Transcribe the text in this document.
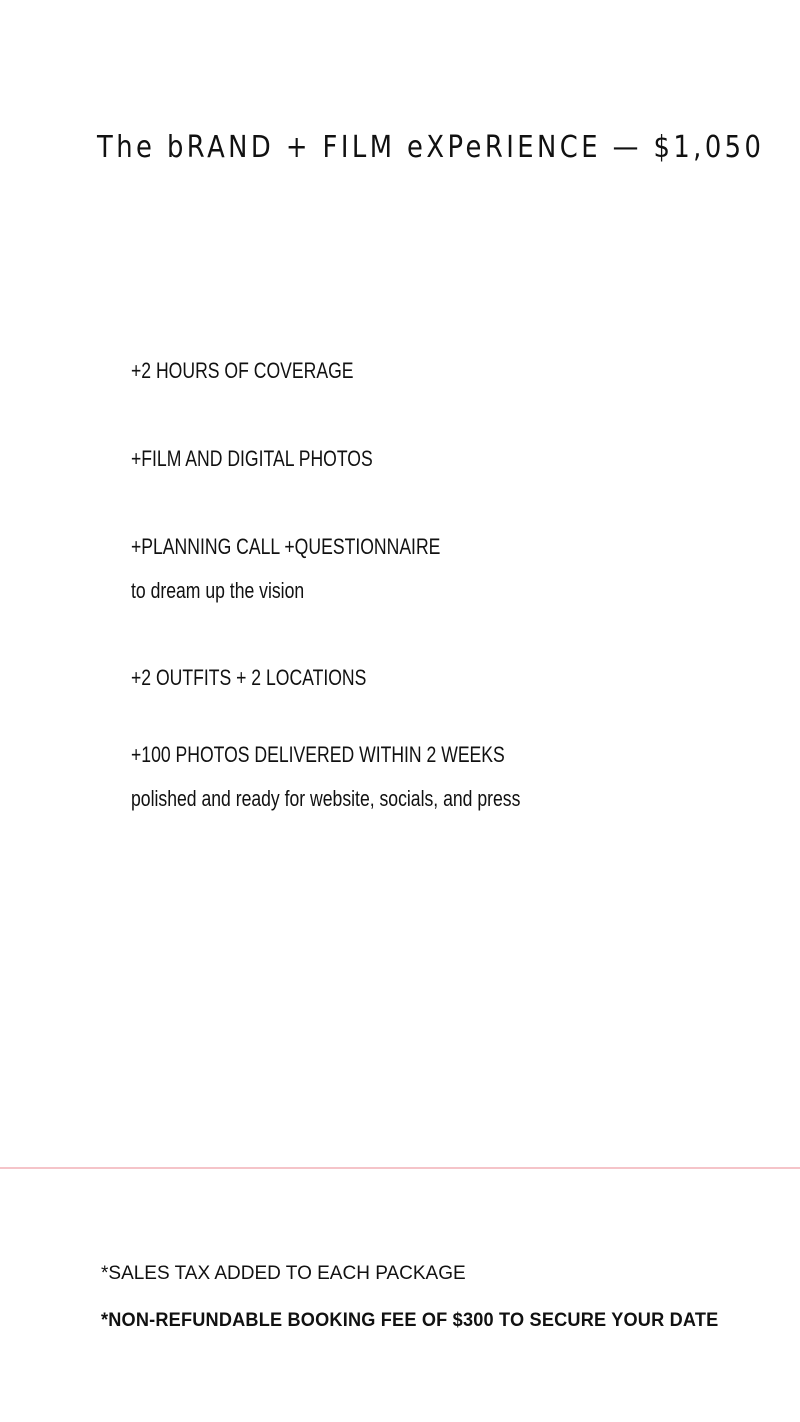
The bRAND + FILM eXPeRIENCE — $1,050

+2 HOURS OF COVERAGE

+FILM AND DIGITAL PHOTOS

+PLANNING CALL +QUESTIONNAIRE

to dream up the vision

+2 OUTFITS + 2 LOCATIONS

+100 PHOTOS DELIVERED WITHIN 2 WEEKS

polished and ready for website, socials, and press

*SALES TAX ADDED TO EACH PACKAGE

*NON-REFUNDABLE BOOKING FEE OF $300 TO SECURE YOUR DATE
